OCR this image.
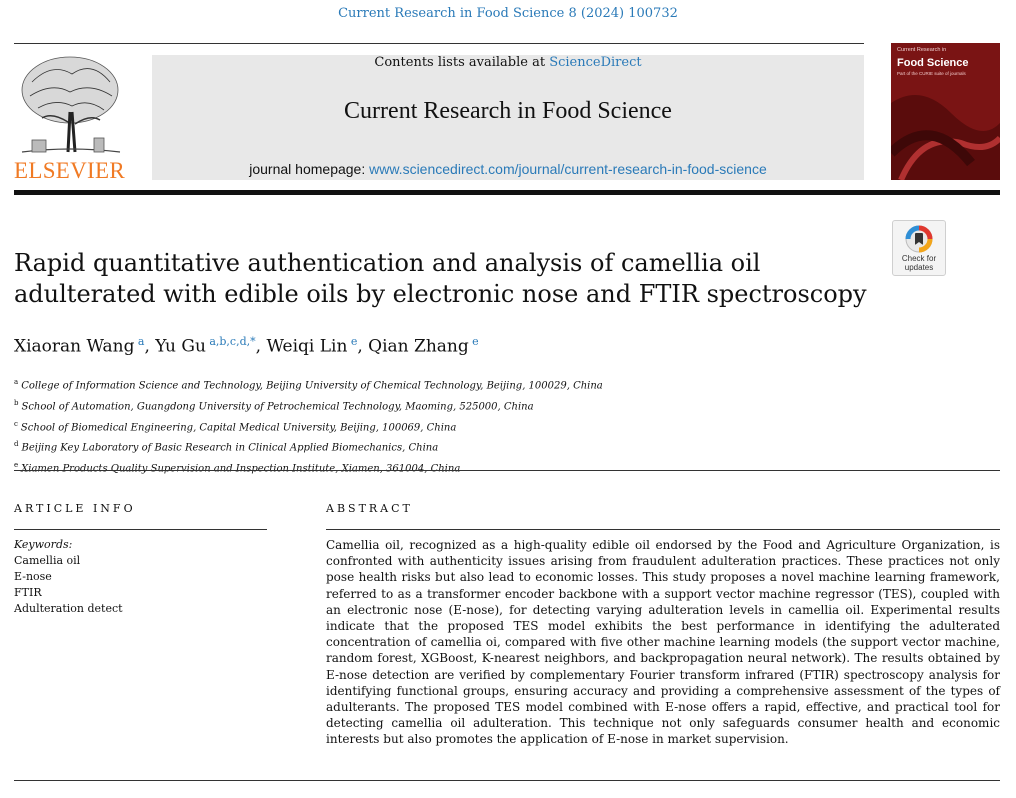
Current Research in Food Science 8 (2024) 100732
ELSEVIER
Contents lists available at ScienceDirect
Current Research in Food Science
journal homepage: www.sciencedirect.com/journal/current-research-in-food-science
Current Research in
Food Science
Part of the CURIE suite of journals
Check for
updates
Rapid quantitative authentication and analysis of camellia oil adulterated with edible oils by electronic nose and FTIR spectroscopy
Xiaoran Wang  $^a$, Yu Gu  $^{a,b,c,d,*}$, Weiqi Lin  $^e$, Qian Zhang  $^e$
$^a$ College of Information Science and Technology, Beijing University of Chemical Technology, Beijing, 100029, China
$^b$ School of Automation, Guangdong University of Petrochemical Technology, Maoming, 525000, China
$^c$ School of Biomedical Engineering, Capital Medical University, Beijing, 100069, China
$^d$ Beijing Key Laboratory of Basic Research in Clinical Applied Biomechanics, China
$^e$ Xiamen Products Quality Supervision and Inspection Institute, Xiamen, 361004, China
ARTICLE INFO
Keywords:
Camellia oil
E-nose
FTIR
Adulteration detect
ABSTRACT
Camellia oil, recognized as a high-quality edible oil endorsed by the Food and Agriculture Organization, is confronted with authenticity issues arising from fraudulent adulteration practices. These practices not only pose health risks but also lead to economic losses. This study proposes a novel machine learning framework, referred to as a transformer encoder backbone with a support vector machine regressor (TES), coupled with an electronic nose (E-nose), for detecting varying adulteration levels in camellia oil. Experimental results indicate that the proposed TES model exhibits the best performance in identifying the adulterated concentration of camellia oi, compared with five other machine learning models (the support vector machine, random forest, XGBoost, K-nearest neighbors, and backpropagation neural network). The results obtained by E-nose detection are verified by complementary Fourier transform infrared (FTIR) spectroscopy analysis for identifying functional groups, ensuring accuracy and providing a comprehensive assessment of the types of adulterants. The proposed TES model combined with E-nose offers a rapid, effective, and practical tool for detecting camellia oil adulteration. This technique not only safeguards consumer health and economic interests but also promotes the application of E-nose in market supervision.
